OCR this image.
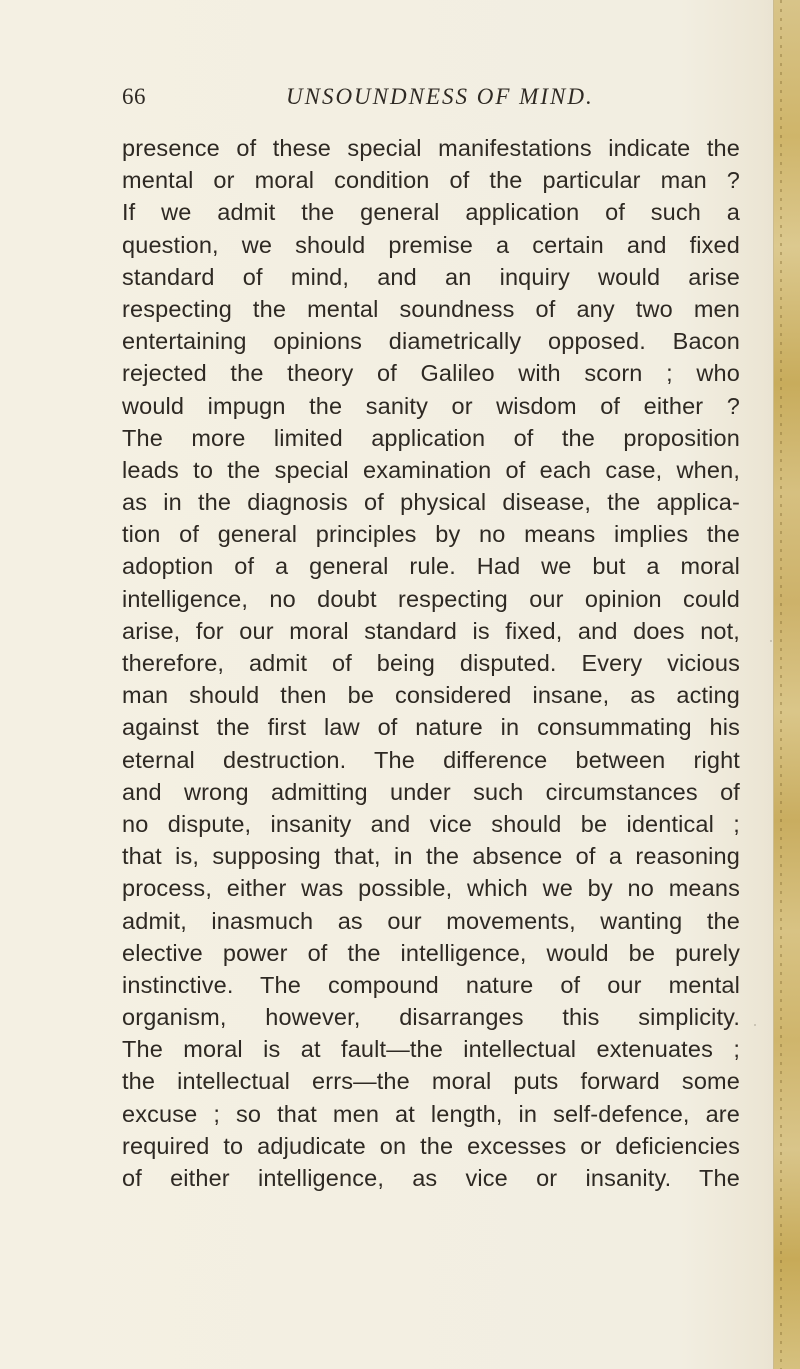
66	UNSOUNDNESS OF MIND.
presence of these special manifestations indicate the
mental or moral condition of the particular man ?
If we admit the general application of such a
question, we should premise a certain and fixed
standard of mind, and an inquiry would arise
respecting the mental soundness of any two men
entertaining opinions diametrically opposed. Bacon
rejected the theory of Galileo with scorn ; who
would impugn the sanity or wisdom of either ?
The more limited application of the proposition
leads to the special examination of each case, when,
as in the diagnosis of physical disease, the applica-
tion of general principles by no means implies the
adoption of a general rule. Had we but a moral
intelligence, no doubt respecting our opinion could
arise, for our moral standard is fixed, and does not,
therefore, admit of being disputed. Every vicious
man should then be considered insane, as acting
against the first law of nature in consummating his
eternal destruction. The difference between right
and wrong admitting under such circumstances of
no dispute, insanity and vice should be identical ;
that is, supposing that, in the absence of a reasoning
process, either was possible, which we by no means
admit, inasmuch as our movements, wanting the
elective power of the intelligence, would be purely
instinctive. The compound nature of our mental
organism, however, disarranges this simplicity.
The moral is at fault—the intellectual extenuates ;
the intellectual errs—the moral puts forward some
excuse ; so that men at length, in self-defence, are
required to adjudicate on the excesses or deficiencies
of either intelligence, as vice or insanity. The
